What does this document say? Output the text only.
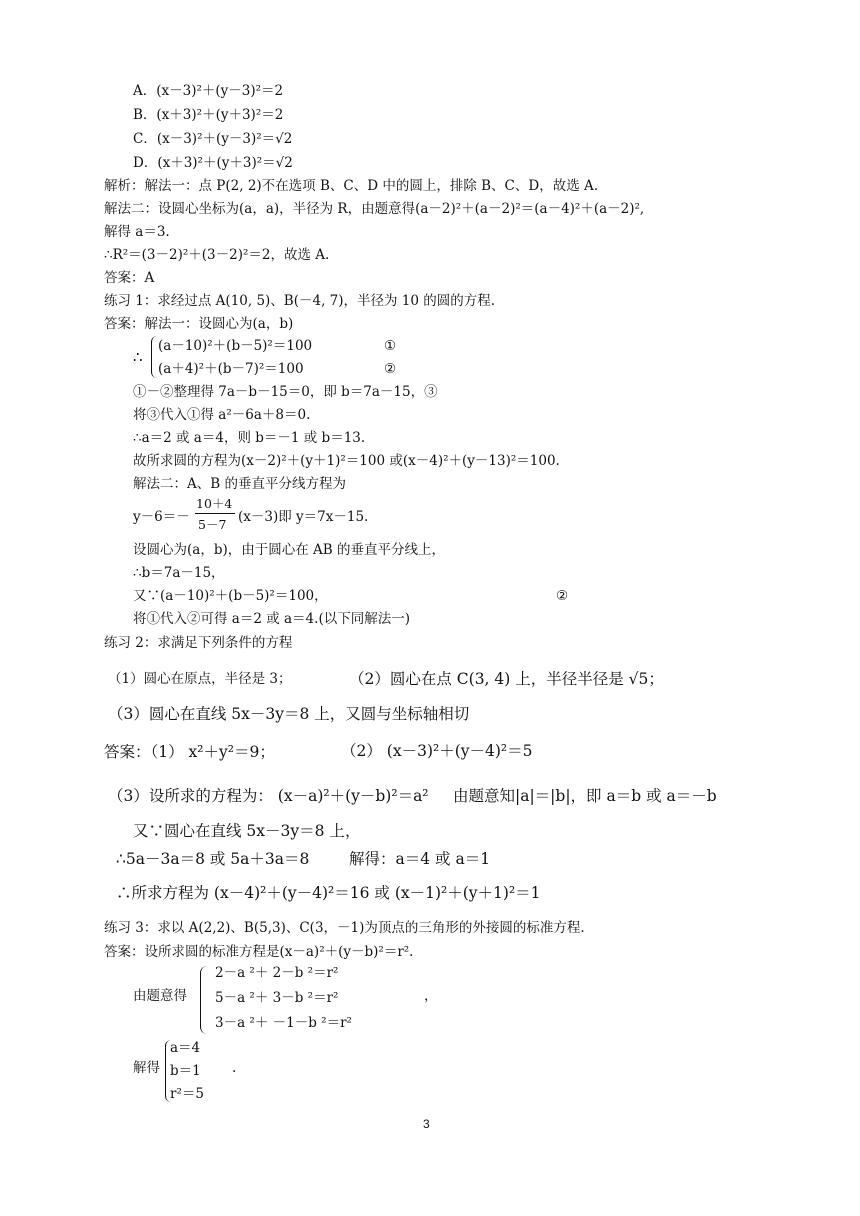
A．(x－3)²＋(y－3)²＝2
B．(x＋3)²＋(y＋3)²＝2
C．(x－3)²＋(y－3)²＝√2
D．(x＋3)²＋(y＋3)²＝√2
解析：解法一：点 P(2, 2)不在选项 B、C、D 中的圆上，排除 B、C、D，故选 A.
解法二：设圆心坐标为(a，a)，半径为 R，由题意得(a－2)²＋(a－2)²＝(a－4)²＋(a－2)²,
解得 a＝3.
∴R²＝(3－2)²＋(3－2)²＝2，故选 A.
答案：A
练习 1：求经过点 A(10, 5)、B(－4, 7)，半径为 10 的圆的方程.
答案：解法一：设圆心为(a，b)
∴
(a－10)²＋(b－5)²＝100	①
(a＋4)²＋(b－7)²＝100	②
①－②整理得 7a－b－15＝0，即 b＝7a－15，③
将③代入①得 a²－6a＋8＝0.
∴a＝2 或 a＝4，则 b＝－1 或 b＝13.
故所求圆的方程为(x－2)²＋(y＋1)²＝100 或(x－4)²＋(y－13)²＝100.
解法二：A、B 的垂直平分线方程为
y－6＝－
10＋4
5－7 (x－3)即 y＝7x－15.
设圆心为(a，b)，由于圆心在 AB 的垂直平分线上，
∴b＝7a－15，
又∵(a－10)²＋(b－5)²＝100，	②
将①代入②可得 a＝2 或 a＝4.(以下同解法一)
练习 2：求满足下列条件的方程
（1）圆心在原点，半径是 3；	（2）圆心在点 C(3, 4) 上，半径半径是 √5；
（3）圆心在直线 5x－3y＝8 上，又圆与坐标轴相切
答案：（1） x²＋y²＝9；	（2） (x－3)²＋(y－4)²＝5
（3）设所求的方程为： (x－a)²＋(y－b)²＝a² 由题意知|a|＝|b|，即 a＝b 或 a＝－b
又∵圆心在直线 5x－3y＝8 上，
∴5a－3a＝8 或 5a＋3a＝8	解得：a＝4 或 a＝1
∴所求方程为 (x－4)²＋(y－4)²＝16 或 (x－1)²＋(y＋1)²＝1
练习 3：求以 A(2,2)、B(5,3)、C(3，－1)为顶点的三角形的外接圆的标准方程.
答案：设所求圆的标准方程是(x－a)²＋(y－b)²＝r².
由题意得
2－a ²＋ 2－b ²＝r²
5－a ²＋ 3－b ²＝r²
3－a ²＋ －1－b ²＝r²
，
解得
a＝4
b＝1
r²＝5
.
3
